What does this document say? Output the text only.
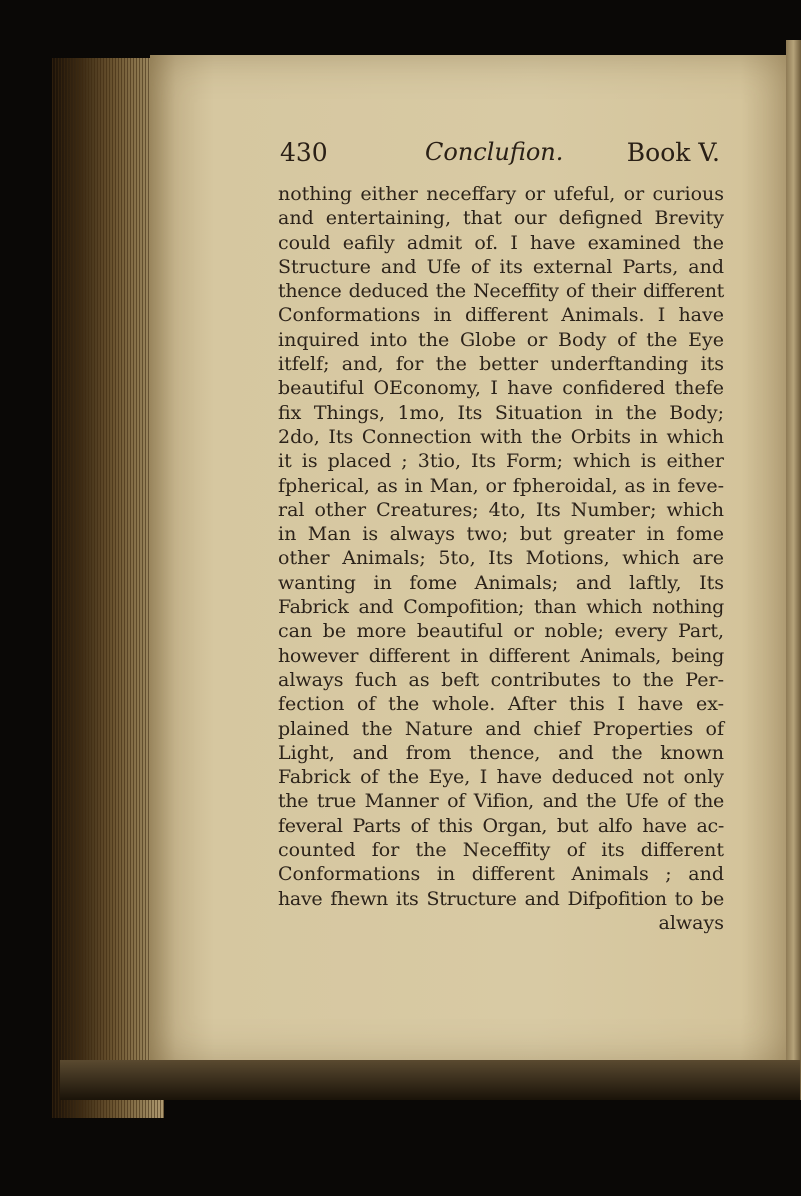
430	Conclufion.	Book V.
nothing either neceffary or ufeful, or curious
and entertaining, that our defigned Brevity
could eafily admit of. I have examined the
Structure and Ufe of its external Parts, and
thence deduced the Neceffity of their different
Conformations in different Animals. I have
inquired into the Globe or Body of the Eye
itfelf; and, for the better underftanding its
beautiful OEconomy, I have confidered thefe
fix Things, 1mo, Its Situation in the Body;
2do, Its Connection with the Orbits in which
it is placed ; 3tio, Its Form; which is either
fpherical, as in Man, or fpheroidal, as in feve-
ral other Creatures; 4to, Its Number; which
in Man is always two; but greater in fome
other Animals; 5to, Its Motions, which are
wanting in fome Animals; and laftly, Its
Fabrick and Compofition; than which nothing
can be more beautiful or noble; every Part,
however different in different Animals, being
always fuch as beft contributes to the Per-
fection of the whole. After this I have ex-
plained the Nature and chief Properties of
Light, and from thence, and the known
Fabrick of the Eye, I have deduced not only
the true Manner of Vifion, and the Ufe of the
feveral Parts of this Organ, but alfo have ac-
counted for the Neceffity of its different
Conformations in different Animals ; and
have fhewn its Structure and Difpofition to be
always
